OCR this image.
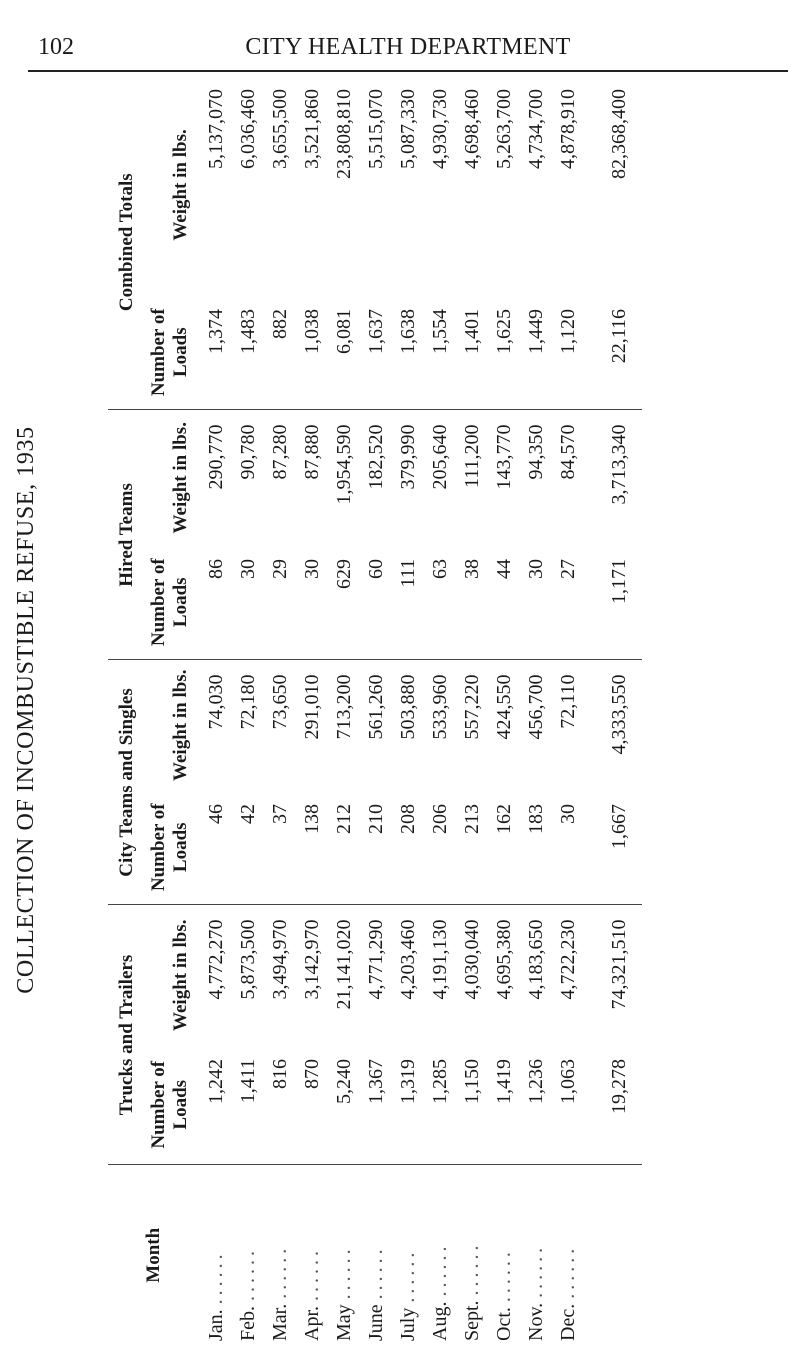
102	CITY HEALTH DEPARTMENT
COLLECTION OF INCOMBUSTIBLE REFUSE, 1935
Month	Trucks and Trailers		City Teams and Singles		Hired Teams		Combined Totals	
	Number of Loads	Weight in lbs.	Number of Loads	Weight in lbs.	Number of Loads	Weight in lbs.	Number of Loads	Weight in lbs.
Jan. ......	1,242	4,772,270	46	74,030	86	290,770	1,374	5,137,070
Feb. ......	1,411	5,873,500	42	72,180	30	90,780	1,483	6,036,460
Mar. ......	816	3,494,970	37	73,650	29	87,280	882	3,655,500
Apr. ......	870	3,142,970	138	291,010	30	87,880	1,038	3,521,860
May ......	5,240	21,141,020	212	713,200	629	1,954,590	6,081	23,808,810
June ......	1,367	4,771,290	210	561,260	60	182,520	1,637	5,515,070
July ......	1,319	4,203,460	208	503,880	111	379,990	1,638	5,087,330
Aug. ......	1,285	4,191,130	206	533,960	63	205,640	1,554	4,930,730
Sept. ......	1,150	4,030,040	213	557,220	38	111,200	1,401	4,698,460
Oct. ......	1,419	4,695,380	162	424,550	44	143,770	1,625	5,263,700
Nov. ......	1,236	4,183,650	183	456,700	30	94,350	1,449	4,734,700
Dec. ......	1,063	4,722,230	30	72,110	27	84,570	1,120	4,878,910
	19,278	74,321,510	1,667	4,333,550	1,171	3,713,340	22,116	82,368,400
